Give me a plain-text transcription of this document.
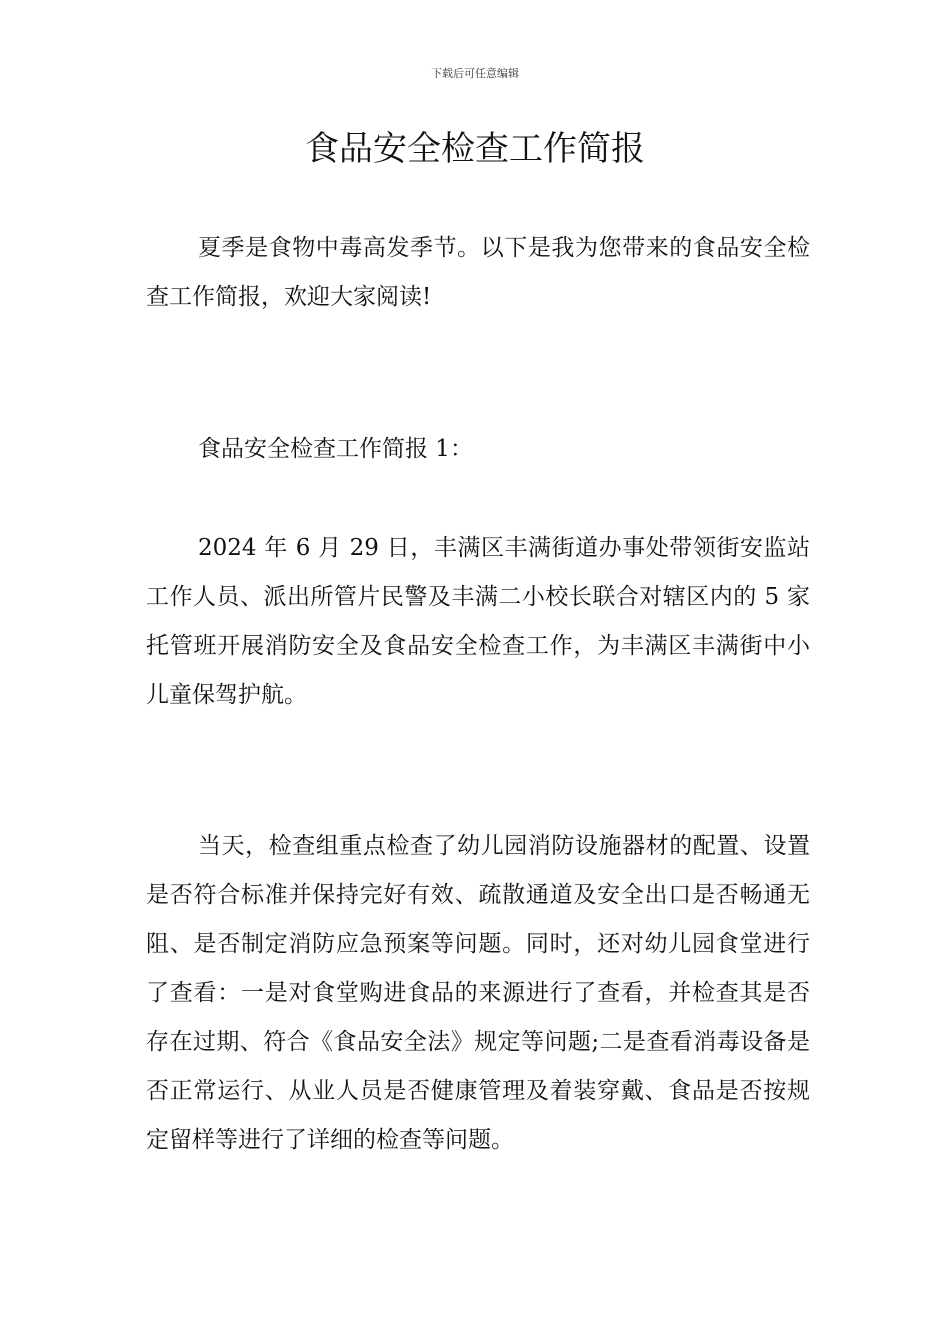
下载后可任意编辑
食品安全检查工作简报

夏季是食物中毒高发季节。以下是我为您带来的食品安全检查工作简报，欢迎大家阅读!

食品安全检查工作简报 1：

2024 年 6 月 29 日，丰满区丰满街道办事处带领街安监站工作人员、派出所管片民警及丰满二小校长联合对辖区内的 5 家托管班开展消防安全及食品安全检查工作，为丰满区丰满街中小儿童保驾护航。

当天，检查组重点检查了幼儿园消防设施器材的配置、设置是否符合标准并保持完好有效、疏散通道及安全出口是否畅通无阻、是否制定消防应急预案等问题。同时，还对幼儿园食堂进行了查看：一是对食堂购进食品的来源进行了查看，并检查其是否存在过期、符合《食品安全法》规定等问题;二是查看消毒设备是否正常运行、从业人员是否健康管理及着装穿戴、食品是否按规定留样等进行了详细的检查等问题。
